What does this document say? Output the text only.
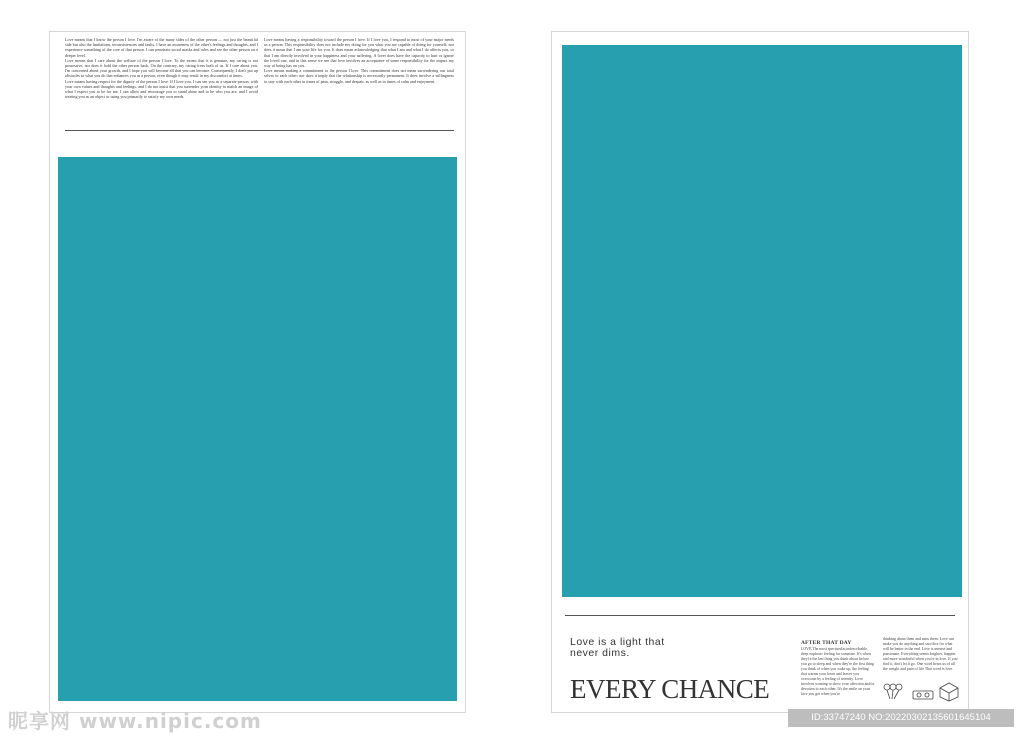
Love means that I know the person I love. I'm aware of the many sides of the other person — not just the beautiful side but also the limitations, inconsistencies and faults. I have an awareness of the other's feelings and thoughts, and I experience something of the core of that person. I can penetrate social masks and roles and see the other person on a deeper level.

Love means that I care about the welfare of the person I love. To the extent that it is genuine, my caring is not possessive, nor does it hold the other person back. On the contrary, my caring frees both of us. If I care about you, I'm concerned about your growth, and I hope you will become all that you can become. Consequently, I don't put up obstacles to what you do that enhances you as a person, even though it may result in my discomfort at times.

Love means having respect for the dignity of the person I love. If I love you, I can see you as a separate person, with your own values and thoughts and feelings, and I do not insist that you surrender your identity to match an image of what I expect you to be for me. I can allow and encourage you to stand alone and to be who you are, and I avoid treating you as an object or using you primarily to satisfy my own needs.

Love means having a responsibility toward the person I love. If I love you, I respond to most of your major needs as a person. This responsibility does not include my doing for you what you are capable of doing for yourself; nor does it mean that I am your life for you. It does mean acknowledging that what I am and what I do affects you, so that I am directly involved in your happiness and your suffering. A lover does have the capacity to hurt or ignore the loved one, and in this sense we see that love involves an acceptance of some responsibility for the impact my way of being has on you.

Love means making a commitment to the person I love. This commitment does not mean surrendering our total selves to each other; nor does it imply that the relationship is necessarily permanent. It does involve a willingness to stay with each other in times of pain, struggle, and despair, as well as in times of calm and enjoyment.

Love is a light that
never dims.
EVERY CHANCE
AFTER THAT DAY
LOVE,The most spectacular,indescribable, deep euphoric feeling for someone. It's when they're the last thing you think about before you go to sleep and when they're the first thing you think of when you wake up, the feeling that warms your heart and leaves you overcome by a feeling of serenity. Love involves wanting to show your affection and/or devotion to each other. It's the smile on your face you get when you're
thinking about them and miss them. Love can make you do anything and sacrifice for what will be better in the end. Love is intense and passionate. Everything seems brighter, happier and more wonderful when you're in love. If you find it, don't let it go. One word bears us of all the weight and pain of life That word is love.
昵享网 www.nipic.com	ID:33747240 NO:20220302135601645104
